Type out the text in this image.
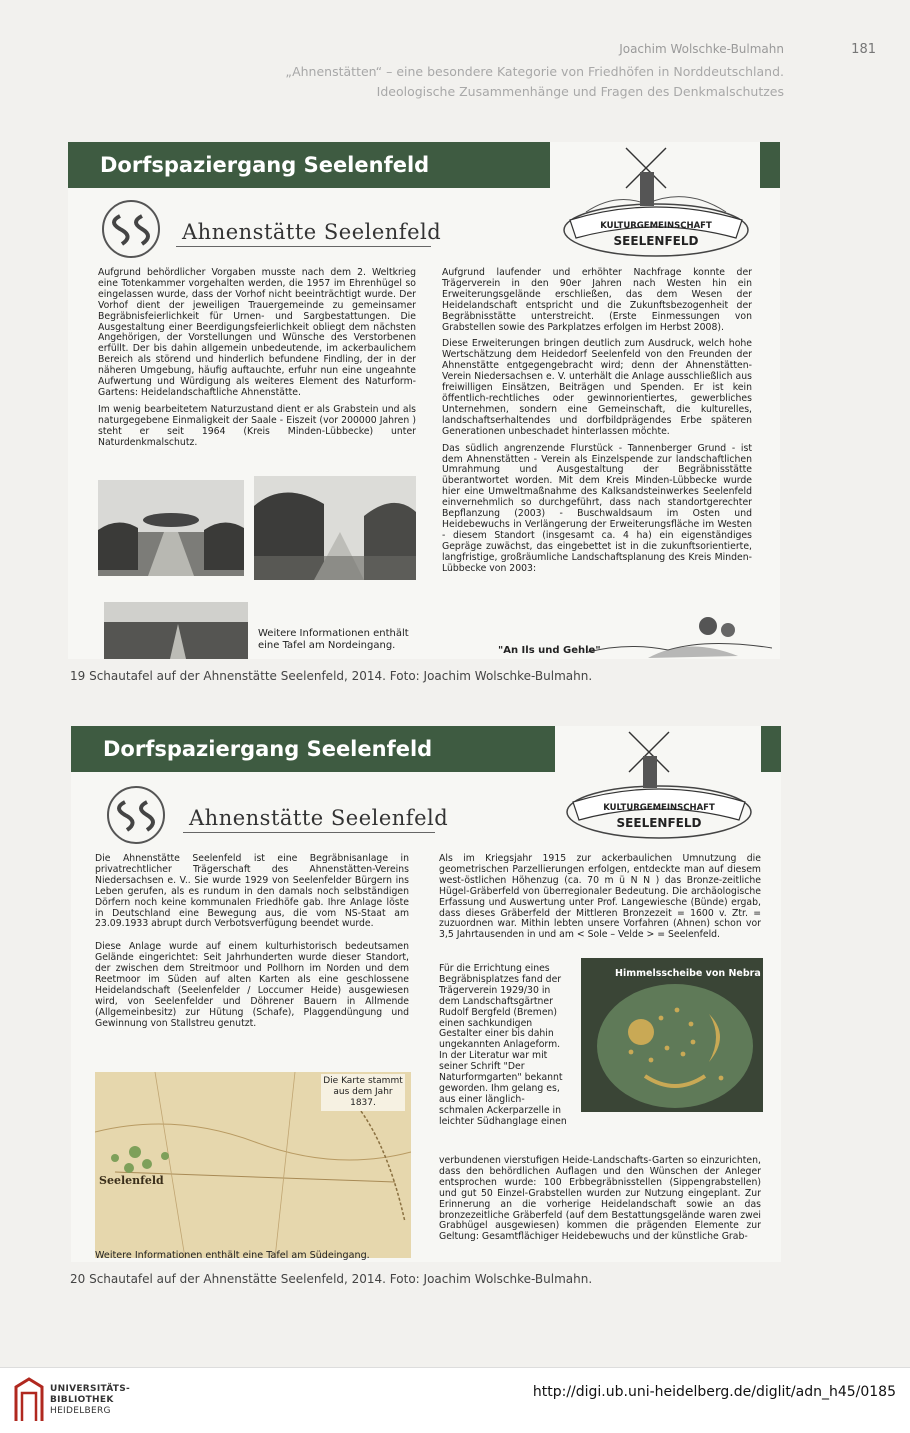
Joachim Wolschke-Bulmahn	181
„Ahnenstätten“ – eine besondere Kategorie von Friedhöfen in Norddeutschland.
Ideologische Zusammenhänge und Fragen des Denkmalschutzes
Dorfspaziergang Seelenfeld
KULTURGEMEINSCHAFT
SEELENFELD
Ahnenstätte Seelenfeld

Aufgrund behördlicher Vorgaben musste nach dem 2. Weltkrieg eine Totenkammer vorgehalten werden, die 1957 im Ehrenhügel so eingelassen wurde, dass der Vorhof nicht beeinträchtigt wurde. Der Vorhof dient der jeweiligen Trauergemeinde zu gemeinsamer Begräbnisfeierlichkeit für Urnen- und Sargbestattungen. Die Ausgestaltung einer Beerdigungsfeierlichkeit obliegt dem nächsten Angehörigen, der Vorstellungen und Wünsche des Verstorbenen erfüllt. Der bis dahin allgemein unbedeutende, im ackerbaulichem Bereich als störend und hinderlich befundene Findling, der in der näheren Umgebung, häufig auftauchte, erfuhr nun eine ungeahnte Aufwertung und Würdigung als weiteres Element des Naturform-Gartens: Heidelandschaftliche Ahnenstätte.

Im wenig bearbeitetem Naturzustand dient er als Grabstein und als naturgegebene Einmaligkeit der Saale - Eiszeit (vor 200000 Jahren ) steht er seit 1964 (Kreis Minden-Lübbecke) unter Naturdenkmalschutz.

Aufgrund laufender und erhöhter Nachfrage konnte der Trägerverein in den 90er Jahren nach Westen hin ein Erweiterungsgelände erschließen, das dem Wesen der Heidelandschaft entspricht und die Zukunftsbezogenheit der Begräbnisstätte unterstreicht. (Erste Einmessungen von Grabstellen sowie des Parkplatzes erfolgen im Herbst 2008).

Diese Erweiterungen bringen deutlich zum Ausdruck, welch hohe Wertschätzung dem Heidedorf Seelenfeld von den Freunden der Ahnenstätte entgegengebracht wird; denn der Ahnenstätten-Verein Niedersachsen e. V. unterhält die Anlage ausschließlich aus freiwilligen Einsätzen, Beiträgen und Spenden. Er ist kein öffentlich-rechtliches oder gewinnorientiertes, gewerbliches Unternehmen, sondern eine Gemeinschaft, die kulturelles, landschaftserhaltendes und dorfbildprägendes Erbe späteren Generationen unbeschadet hinterlassen möchte.

Das südlich angrenzende Flurstück - Tannenberger Grund - ist dem Ahnenstätten - Verein als Einzelspende zur landschaftlichen Umrahmung und Ausgestaltung der Begräbnisstätte überantwortet worden. Mit dem Kreis Minden-Lübbecke wurde hier eine Umweltmaßnahme des Kalksandsteinwerkes Seelenfeld einvernehmlich so durchgeführt, dass nach standortgerechter Bepflanzung (2003) - Buschwaldsaum im Osten und Heidebewuchs in Verlängerung der Erweiterungsfläche im Westen - diesem Standort (insgesamt ca. 4 ha) ein eigenständiges Gepräge zuwächst, das eingebettet ist in die zukunftsorientierte, langfristige, großräumliche Landschaftsplanung des Kreis Minden-Lübbecke von 2003:

Weitere Informationen enthält eine Tafel am Nordeingang.	"An Ils und Gehle"
19 Schautafel auf der Ahnenstätte Seelenfeld, 2014. Foto: Joachim Wolschke-Bulmahn.
Dorfspaziergang Seelenfeld
KULTURGEMEINSCHAFT
SEELENFELD
Ahnenstätte Seelenfeld

Die Ahnenstätte Seelenfeld ist eine Begräbnisanlage in privatrechtlicher Trägerschaft des Ahnenstätten-Vereins Niedersachsen e. V.. Sie wurde 1929 von Seelenfelder Bürgern ins Leben gerufen, als es rundum in den damals noch selbständigen Dörfern noch keine kommunalen Friedhöfe gab. Ihre Anlage löste in Deutschland eine Bewegung aus, die vom NS-Staat am 23.09.1933 abrupt durch Verbotsverfügung beendet wurde.

Diese Anlage wurde auf einem kulturhistorisch bedeutsamen Gelände eingerichtet: Seit Jahrhunderten wurde dieser Standort, der zwischen dem Streitmoor und Pollhorn im Norden und dem Reetmoor im Süden auf alten Karten als eine geschlossene Heidelandschaft (Seelenfelder / Loccumer Heide) ausgewiesen wird, von Seelenfelder und Döhrener Bauern in Allmende (Allgemeinbesitz) zur Hütung (Schafe), Plaggendüngung und Gewinnung von Stallstreu genutzt.

Als im Kriegsjahr 1915 zur ackerbaulichen Umnutzung die geometrischen Parzellierungen erfolgen, entdeckte man auf diesem west-östlichen Höhenzug (ca. 70 m ü N N ) das Bronze-zeitliche Hügel-Gräberfeld von überregionaler Bedeutung. Die archäologische Erfassung und Auswertung unter Prof. Langewiesche (Bünde) ergab, dass dieses Gräberfeld der Mittleren Bronzezeit = 1600 v. Ztr. = zuzuordnen war. Mithin lebten unsere Vorfahren (Ahnen) schon vor 3,5 Jahrtausenden in und am < Sole – Velde > = Seelenfeld.

Für die Errichtung eines Begräbnisplatzes fand der Trägerverein 1929/30 in dem Landschaftsgärtner Rudolf Bergfeld (Bremen) einen sachkundigen Gestalter einer bis dahin ungekannten Anlageform. In der Literatur war mit seiner Schrift "Der Naturformgarten" bekannt geworden. Ihm gelang es, aus einer länglich-schmalen Ackerparzelle in leichter Südhanglage einen

Himmelsscheibe von Nebra

verbundenen vierstufigen Heide-Landschafts-Garten so einzurichten, dass den behördlichen Auflagen und den Wünschen der Anleger entsprochen wurde: 100 Erbbegräbnisstellen (Sippengrabstellen) und gut 50 Einzel-Grabstellen wurden zur Nutzung eingeplant. Zur Erinnerung an die vorherige Heidelandschaft sowie an das bronzezeitliche Gräberfeld (auf dem Bestattungsgelände waren zwei Grabhügel ausgewiesen) kommen die prägenden Elemente zur Geltung: Gesamtflächiger Heidebewuchs und der künstliche Grab-

Seelenfeld
Die Karte stammt aus dem Jahr 1837.
Weitere Informationen enthält eine Tafel am Südeingang.
20 Schautafel auf der Ahnenstätte Seelenfeld, 2014. Foto: Joachim Wolschke-Bulmahn.
UNIVERSITÄTS-
BIBLIOTHEK
HEIDELBERG
http://digi.ub.uni-heidelberg.de/diglit/adn_h45/0185
